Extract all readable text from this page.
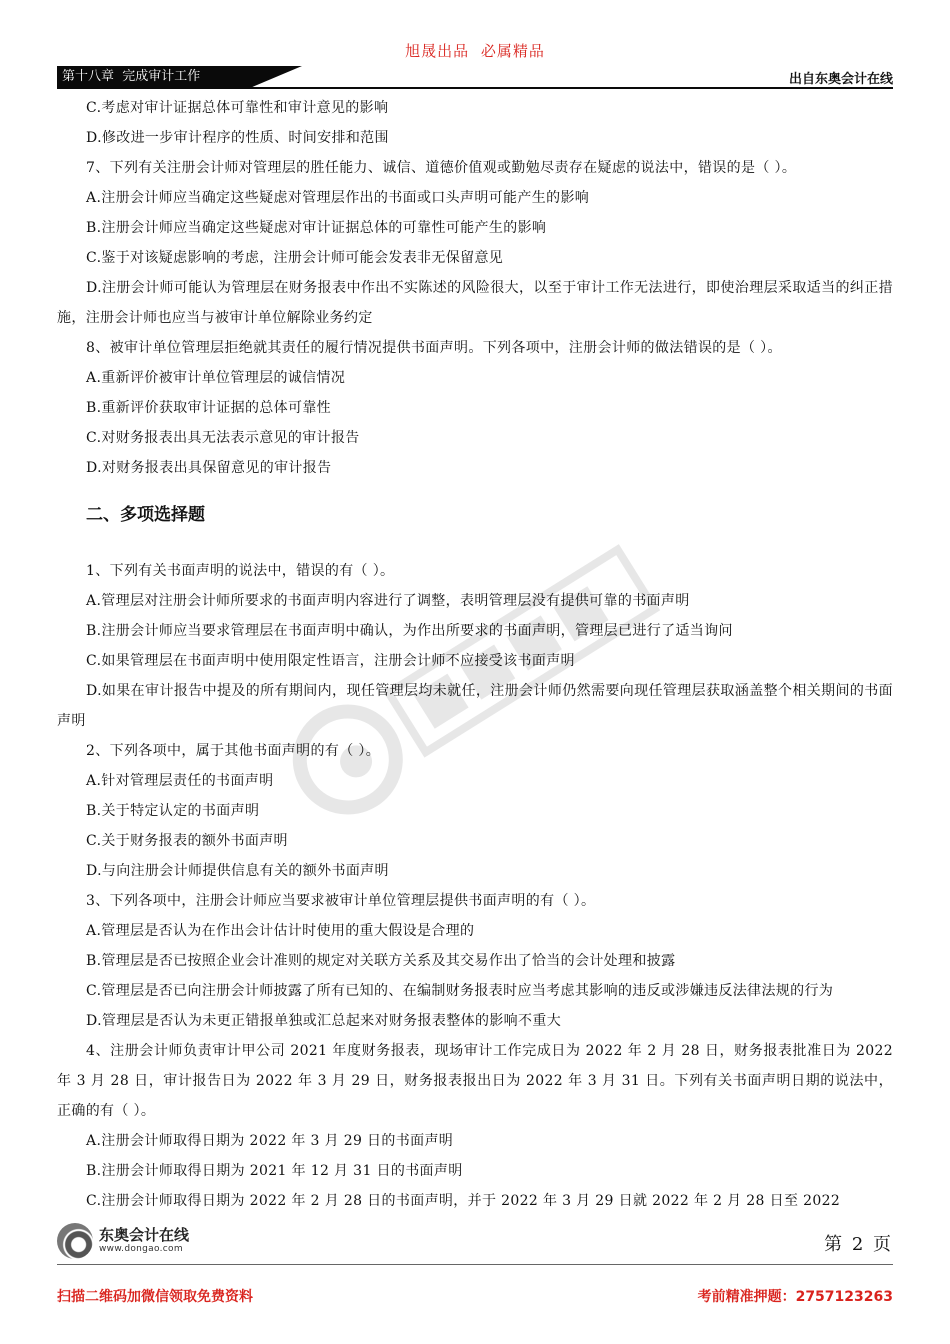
旭晟出品 必属精品
第十八章  完成审计工作	出自东奥会计在线
C.考虑对审计证据总体可靠性和审计意见的影响
D.修改进一步审计程序的性质、时间安排和范围
7、下列有关注册会计师对管理层的胜任能力、诚信、道德价值观或勤勉尽责存在疑虑的说法中，错误的是（ ）。
A.注册会计师应当确定这些疑虑对管理层作出的书面或口头声明可能产生的影响
B.注册会计师应当确定这些疑虑对审计证据总体的可靠性可能产生的影响
C.鉴于对该疑虑影响的考虑，注册会计师可能会发表非无保留意见
D.注册会计师可能认为管理层在财务报表中作出不实陈述的风险很大，以至于审计工作无法进行，即使治理层采取适当的纠正措施，注册会计师也应当与被审计单位解除业务约定
8、被审计单位管理层拒绝就其责任的履行情况提供书面声明。下列各项中，注册会计师的做法错误的是（ ）。
A.重新评价被审计单位管理层的诚信情况
B.重新评价获取审计证据的总体可靠性
C.对财务报表出具无法表示意见的审计报告
D.对财务报表出具保留意见的审计报告
二、多项选择题
1、下列有关书面声明的说法中，错误的有（ ）。
A.管理层对注册会计师所要求的书面声明内容进行了调整，表明管理层没有提供可靠的书面声明
B.注册会计师应当要求管理层在书面声明中确认，为作出所要求的书面声明，管理层已进行了适当询问
C.如果管理层在书面声明中使用限定性语言，注册会计师不应接受该书面声明
D.如果在审计报告中提及的所有期间内，现任管理层均未就任，注册会计师仍然需要向现任管理层获取涵盖整个相关期间的书面声明
2、下列各项中，属于其他书面声明的有（ ）。
A.针对管理层责任的书面声明
B.关于特定认定的书面声明
C.关于财务报表的额外书面声明
D.与向注册会计师提供信息有关的额外书面声明
3、下列各项中，注册会计师应当要求被审计单位管理层提供书面声明的有（ ）。
A.管理层是否认为在作出会计估计时使用的重大假设是合理的
B.管理层是否已按照企业会计准则的规定对关联方关系及其交易作出了恰当的会计处理和披露
C.管理层是否已向注册会计师披露了所有已知的、在编制财务报表时应当考虑其影响的违反或涉嫌违反法律法规的行为
D.管理层是否认为未更正错报单独或汇总起来对财务报表整体的影响不重大
4、注册会计师负责审计甲公司 2021 年度财务报表，现场审计工作完成日为 2022 年 2 月 28 日，财务报表批准日为 2022 年 3 月 28 日，审计报告日为 2022 年 3 月 29 日，财务报表报出日为 2022 年 3 月 31 日。下列有关书面声明日期的说法中，正确的有（ ）。
A.注册会计师取得日期为 2022 年 3 月 29 日的书面声明
B.注册会计师取得日期为 2021 年 12 月 31 日的书面声明
C.注册会计师取得日期为 2022 年 2 月 28 日的书面声明，并于 2022 年 3 月 29 日就 2022 年 2 月 28 日至 2022
东奥会计在线
www.dongao.com	第 2 页
扫描二维码加微信领取免费资料	考前精准押题：2757123263
